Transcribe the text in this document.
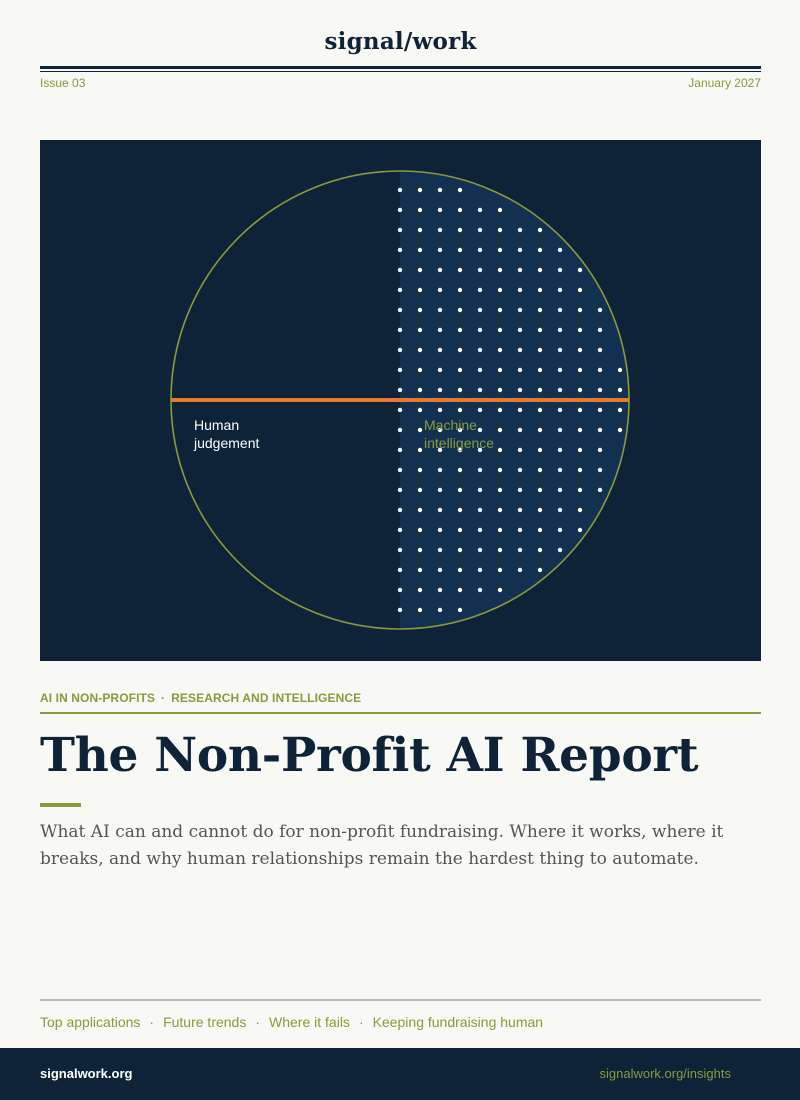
signal/work
Issue 03	January 2027
Human
judgement
Machine
intelligence
AI IN NON-PROFITS · RESEARCH AND INTELLIGENCE
The Non-Profit AI Report
What AI can and cannot do for non-profit fundraising. Where it works, where it breaks, and why human relationships remain the hardest thing to automate.
Top applications · Future trends · Where it fails · Keeping fundraising human
signalwork.org	signalwork.org/insights
